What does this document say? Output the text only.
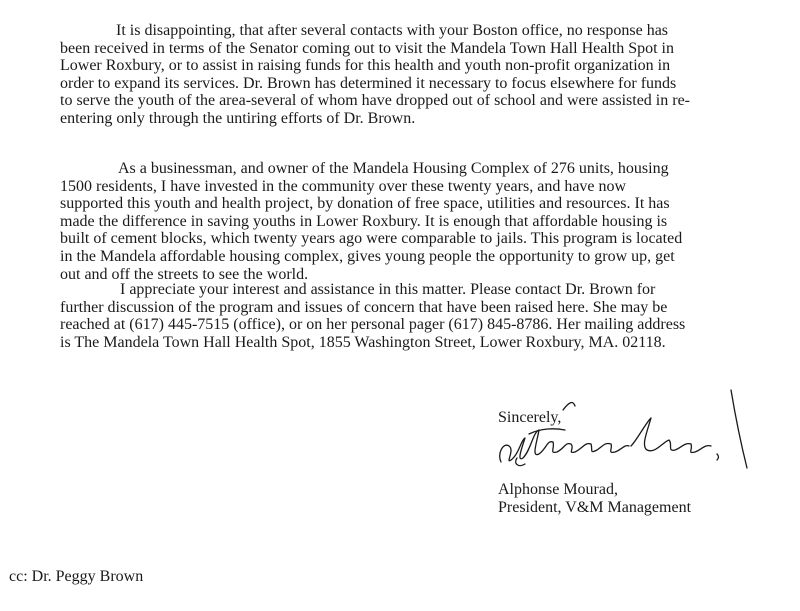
It is disappointing, that after several contacts with your Boston office, no response has
been received in terms of the Senator coming out to visit the Mandela Town Hall Health Spot in
Lower Roxbury, or to assist in raising funds for this health and youth non-profit organization in
order to expand its services. Dr. Brown has determined it necessary to focus elsewhere for funds
to serve the youth of the area-several of whom have dropped out of school and were assisted in re-
entering only through the untiring efforts of Dr. Brown.
As a businessman, and owner of the Mandela Housing Complex of 276 units, housing
1500 residents, I have invested in the community over these twenty years, and have now
supported this youth and health project, by donation of free space, utilities and resources. It has
made the difference in saving youths in Lower Roxbury. It is enough that affordable housing is
built of cement blocks, which twenty years ago were comparable to jails. This program is located
in the Mandela affordable housing complex, gives young people the opportunity to grow up, get
out and off the streets to see the world.
I appreciate your interest and assistance in this matter. Please contact Dr. Brown for
further discussion of the program and issues of concern that have been raised here. She may be
reached at (617) 445-7515 (office), or on her personal pager (617) 845-8786. Her mailing address
is The Mandela Town Hall Health Spot, 1855 Washington Street, Lower Roxbury, MA. 02118.
Sincerely,
Alphonse Mourad,
President, V&M Management
cc: Dr. Peggy Brown
